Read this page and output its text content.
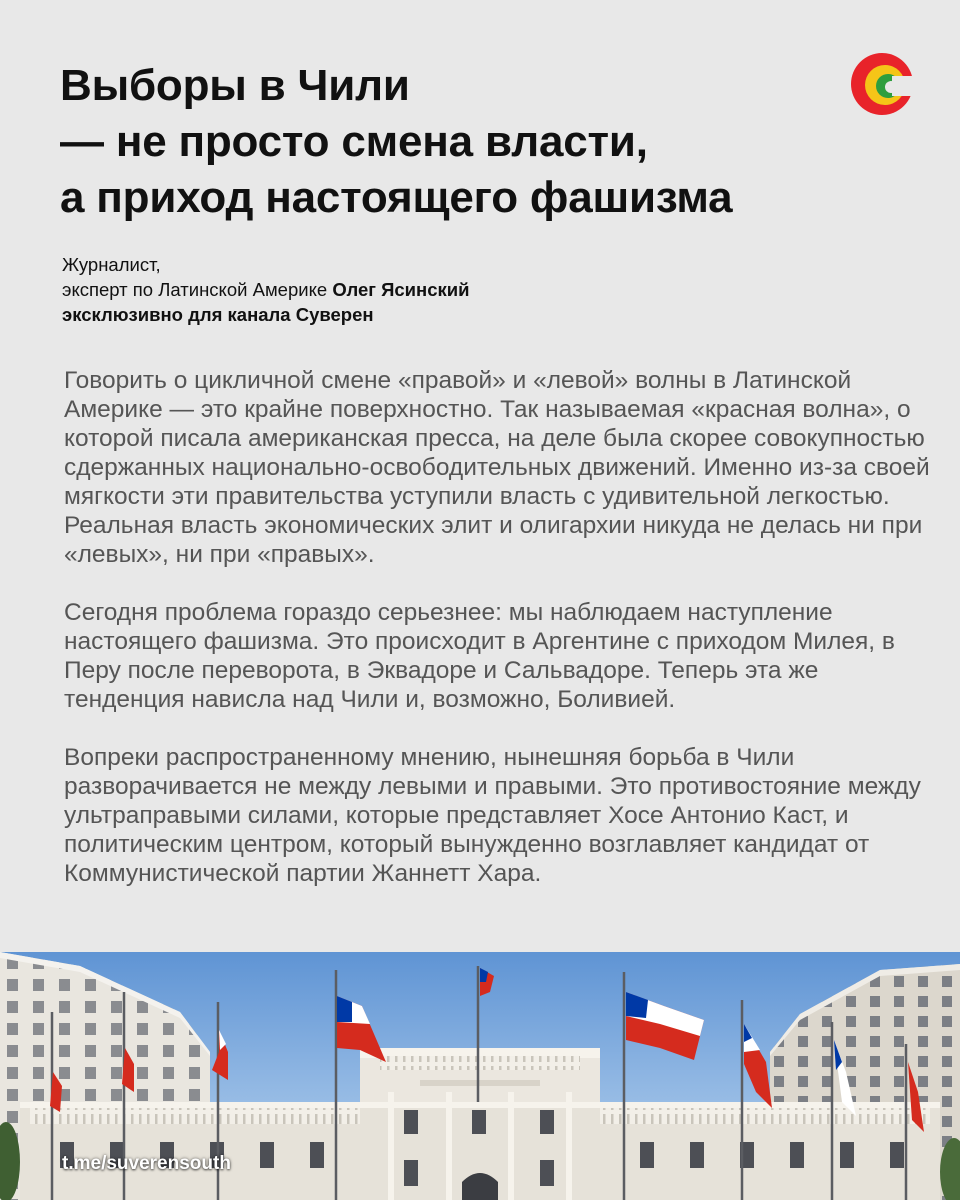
Выборы в Чили
— не просто смена власти,
а приход настоящего фашизма
Журналист,
эксперт по Латинской Америке Олег Ясинский
эксклюзивно для канала Суверен

Говорить о цикличной смене «правой» и «левой» волны в Латинской Америке — это крайне поверхностно. Так называемая «красная волна», о которой писала американская пресса, на деле была скорее совокупностью сдержанных национально-освободительных движений. Именно из-за своей мягкости эти правительства уступили власть с удивительной легкостью. Реальная власть экономических элит и олигархии никуда не делась ни при «левых», ни при «правых».

Сегодня проблема гораздо серьезнее: мы наблюдаем наступление настоящего фашизма. Это происходит в Аргентине с приходом Милея, в Перу после переворота, в Эквадоре и Сальвадоре. Теперь эта же тенденция нависла над Чили и, возможно, Боливией.

Вопреки распространенному мнению, нынешняя борьба в Чили разворачивается не между левыми и правыми. Это противостояние между ультраправыми силами, которые представляет Хосе Антонио Каст, и политическим центром, который вынужденно возглавляет кандидат от Коммунистической партии Жаннетт Хара.

t.me/suverensouth
